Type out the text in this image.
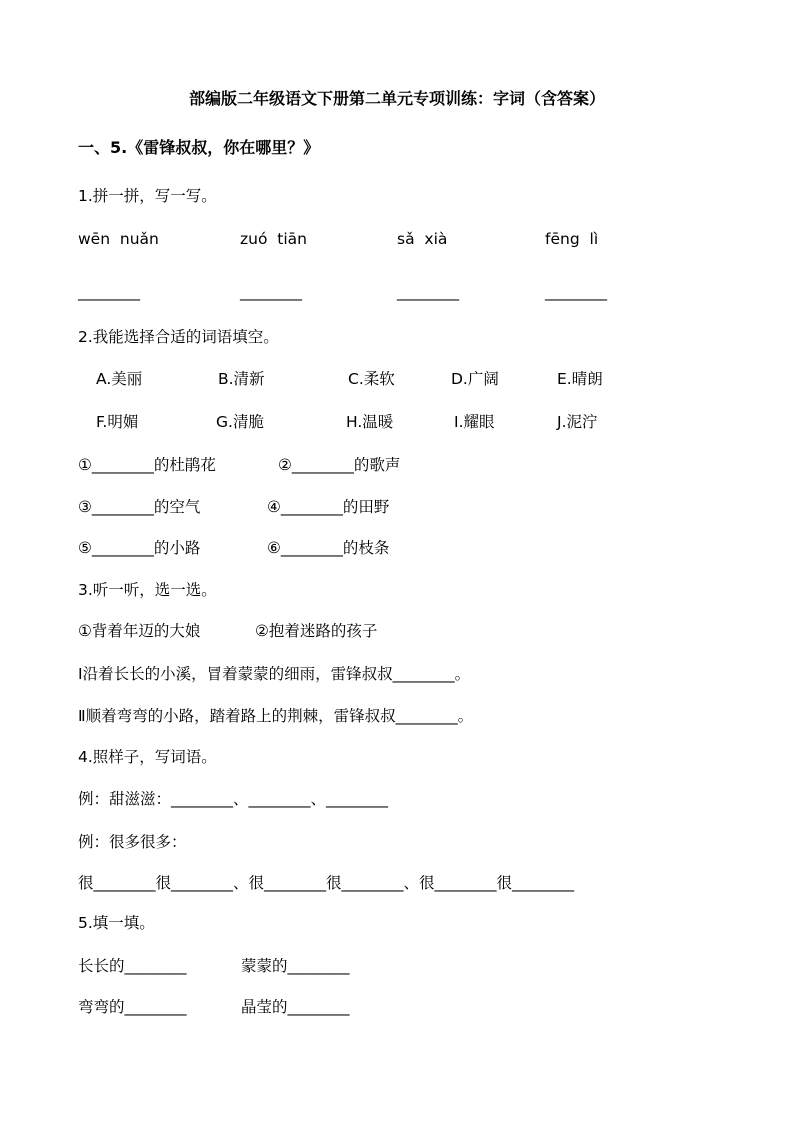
部编版二年级语文下册第二单元专项训练：字词（含答案）
一、5.《雷锋叔叔，你在哪里？》
1.拼一拼，写一写。
wēn  nuǎn	zuó  tiān	sǎ  xià	fēng  lì
________	________	________	________
2.我能选择合适的词语填空。
A.美丽	B.清新	C.柔软	D.广阔	E.晴朗
F.明媚	G.清脆	H.温暖	I.耀眼	J.泥泞
①________的杜鹃花	②________的歌声
③________的空气	④________的田野
⑤________的小路	⑥________的枝条
3.听一听，选一选。
①背着年迈的大娘	②抱着迷路的孩子
Ⅰ沿着长长的小溪，冒着蒙蒙的细雨，雷锋叔叔________。
Ⅱ顺着弯弯的小路，踏着路上的荆棘，雷锋叔叔________。
4.照样子，写词语。
例：甜滋滋：________、________、________
例：很多很多：
很________很________、很________很________、很________很________
5.填一填。
长长的________	蒙蒙的________
弯弯的________	晶莹的________
